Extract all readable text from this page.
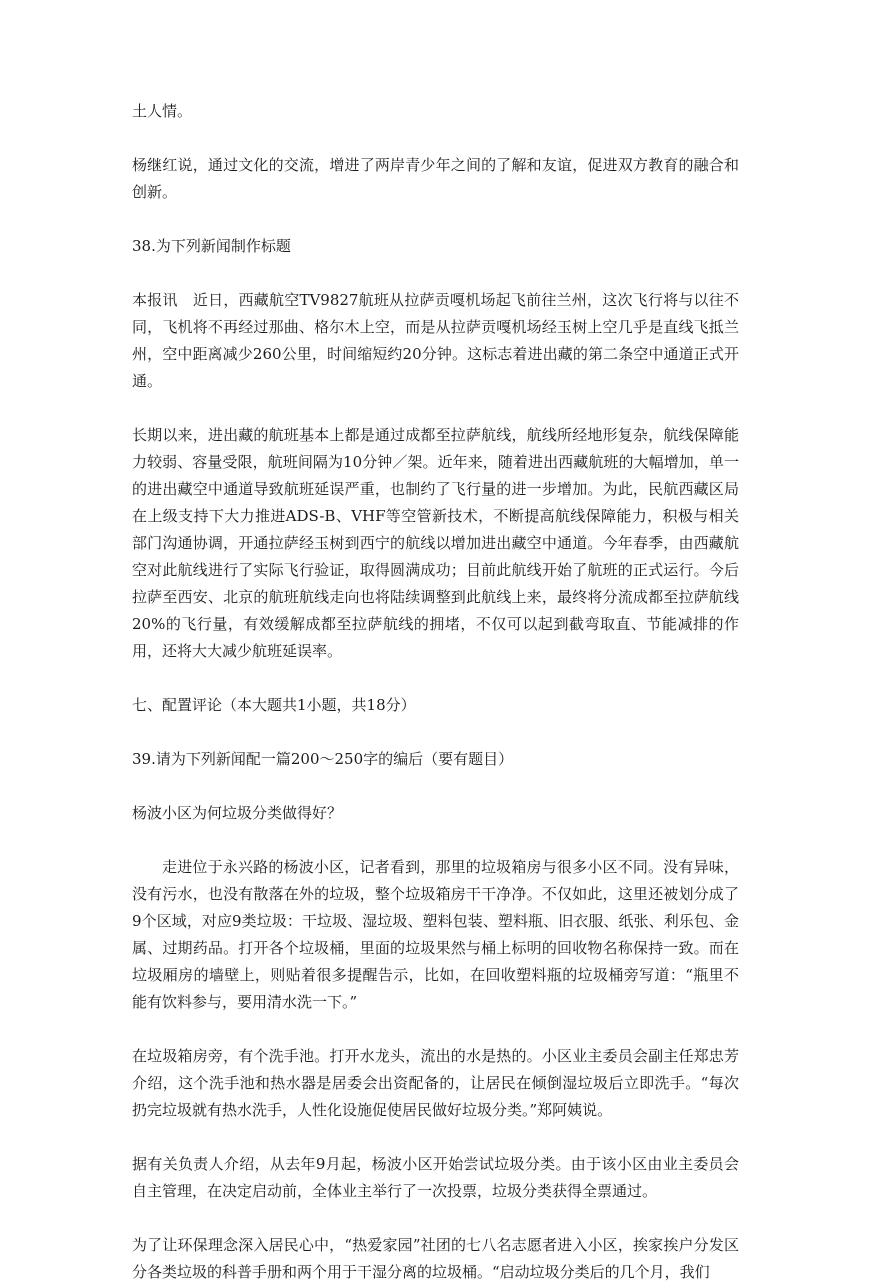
土人情。

杨继红说，通过文化的交流，增进了两岸青少年之间的了解和友谊，促进双方教育的融合和创新。

38.为下列新闻制作标题

本报讯　近日，西藏航空TV9827航班从拉萨贡嘎机场起飞前往兰州，这次飞行将与以往不同，飞机将不再经过那曲、格尔木上空，而是从拉萨贡嘎机场经玉树上空几乎是直线飞抵兰州，空中距离减少260公里，时间缩短约20分钟。这标志着进出藏的第二条空中通道正式开通。

长期以来，进出藏的航班基本上都是通过成都至拉萨航线，航线所经地形复杂，航线保障能力较弱、容量受限，航班间隔为10分钟／架。近年来，随着进出西藏航班的大幅增加，单一的进出藏空中通道导致航班延误严重，也制约了飞行量的进一步增加。为此，民航西藏区局在上级支持下大力推进ADS-B、VHF等空管新技术，不断提高航线保障能力，积极与相关部门沟通协调，开通拉萨经玉树到西宁的航线以增加进出藏空中通道。今年春季，由西藏航空对此航线进行了实际飞行验证，取得圆满成功；目前此航线开始了航班的正式运行。今后拉萨至西安、北京的航班航线走向也将陆续调整到此航线上来，最终将分流成都至拉萨航线20%的飞行量，有效缓解成都至拉萨航线的拥堵，不仅可以起到截弯取直、节能减排的作用，还将大大减少航班延误率。

七、配置评论（本大题共1小题，共18分）

39.请为下列新闻配一篇200～250字的编后（要有题目）

杨波小区为何垃圾分类做得好？

走进位于永兴路的杨波小区，记者看到，那里的垃圾箱房与很多小区不同。没有异味，没有污水，也没有散落在外的垃圾，整个垃圾箱房干干净净。不仅如此，这里还被划分成了9个区域，对应9类垃圾：干垃圾、湿垃圾、塑料包装、塑料瓶、旧衣服、纸张、利乐包、金属、过期药品。打开各个垃圾桶，里面的垃圾果然与桶上标明的回收物名称保持一致。而在垃圾厢房的墙壁上，则贴着很多提醒告示，比如，在回收塑料瓶的垃圾桶旁写道：“瓶里不能有饮料参与，要用清水洗一下。”

在垃圾箱房旁，有个洗手池。打开水龙头，流出的水是热的。小区业主委员会副主任郑忠芳介绍，这个洗手池和热水器是居委会出资配备的，让居民在倾倒湿垃圾后立即洗手。“每次扔完垃圾就有热水洗手，人性化设施促使居民做好垃圾分类。”郑阿姨说。

据有关负责人介绍，从去年9月起，杨波小区开始尝试垃圾分类。由于该小区由业主委员会自主管理，在决定启动前，全体业主举行了一次投票，垃圾分类获得全票通过。

为了让环保理念深入居民心中，“热爱家园”社团的七八名志愿者进入小区，挨家挨户分发区分各类垃圾的科普手册和两个用于干湿分离的垃圾桶。“启动垃圾分类后的几个月，我们
